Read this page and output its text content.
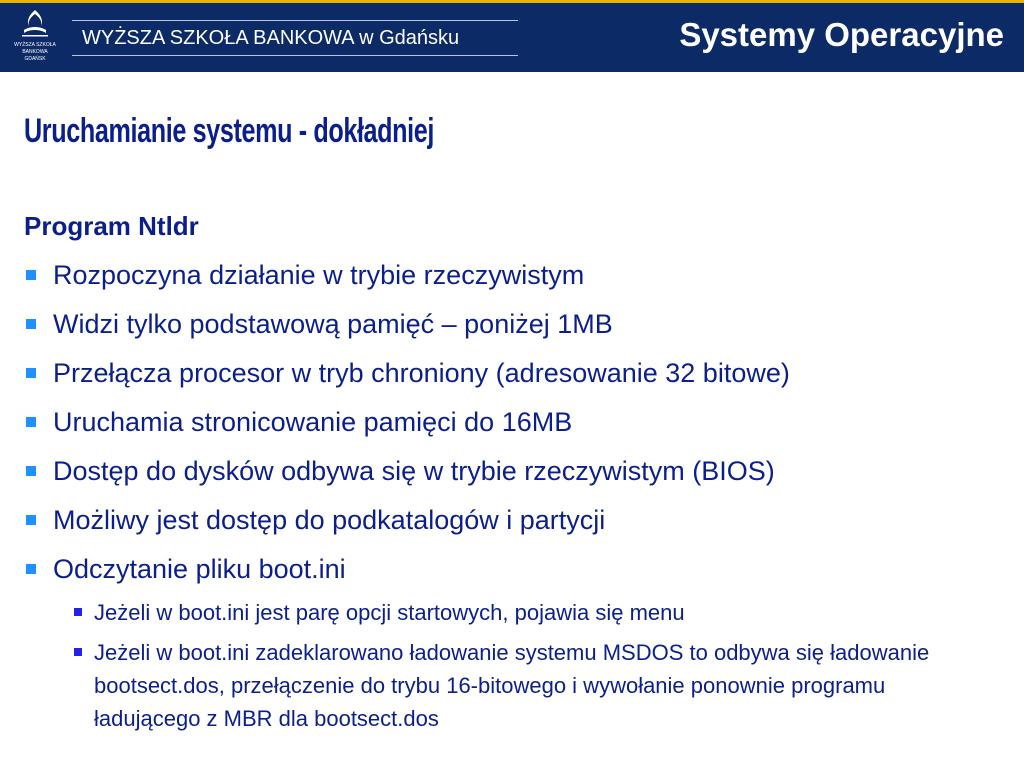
WYŻSZA SZKOŁA
BANKOWA
GDAŃSK
WYŻSZA SZKOŁA BANKOWA w Gdańsku	Systemy Operacyjne
Uruchamianie systemu - dokładniej
Program Ntldr
Rozpoczyna działanie w trybie rzeczywistym
Widzi tylko podstawową pamięć – poniżej 1MB
Przełącza procesor w tryb chroniony (adresowanie 32 bitowe)
Uruchamia stronicowanie pamięci do 16MB
Dostęp do dysków odbywa się w trybie rzeczywistym (BIOS)
Możliwy jest dostęp do podkatalogów i partycji
Odczytanie pliku boot.ini
Jeżeli w boot.ini jest parę opcji startowych, pojawia się menu
Jeżeli w boot.ini zadeklarowano ładowanie systemu MSDOS to odbywa się ładowanie bootsect.dos, przełączenie do trybu 16-bitowego i wywołanie ponownie programu ładującego z MBR dla bootsect.dos
